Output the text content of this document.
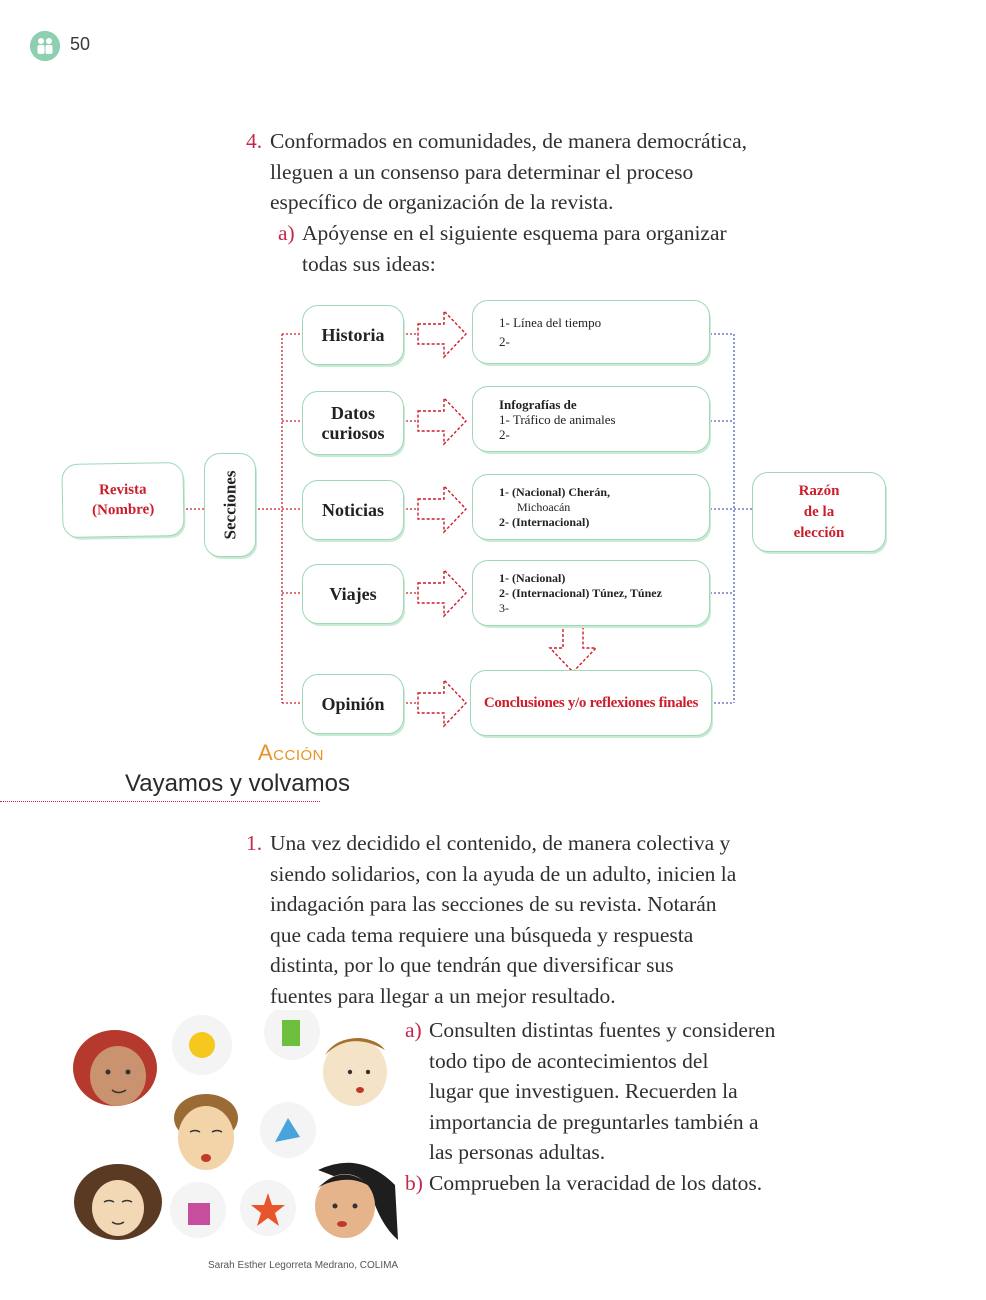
50
4. Conformados en comunidades, de manera democrática,
lleguen a un consenso para determinar el proceso
específico de organización de la revista.
a) Apóyense en el siguiente esquema para organizar
todas sus ideas:
Revista
(Nombre)	Secciones
Historia
Datos
curiosos
Noticias
Viajes
Opinión
1- Línea del tiempo
2-
Infografías de
1- Tráfico de animales
2-
1- (Nacional) Cherán,
Michoacán
2- (Internacional)
1- (Nacional)
2- (Internacional) Túnez, Túnez
3-
Conclusiones y/o reflexiones finales
Razón
de la
elección
Acción
Vayamos y volvamos
1. Una vez decidido el contenido, de manera colectiva y
siendo solidarios, con la ayuda de un adulto, inicien la
indagación para las secciones de su revista. Notarán
que cada tema requiere una búsqueda y respuesta
distinta, por lo que tendrán que diversificar sus
fuentes para llegar a un mejor resultado.
a) Consulten distintas fuentes y consideren
todo tipo de acontecimientos del
lugar que investiguen. Recuerden la
importancia de preguntarles también a
las personas adultas.
b) Comprueben la veracidad de los datos.
Sarah Esther Legorreta Medrano, COLIMA
